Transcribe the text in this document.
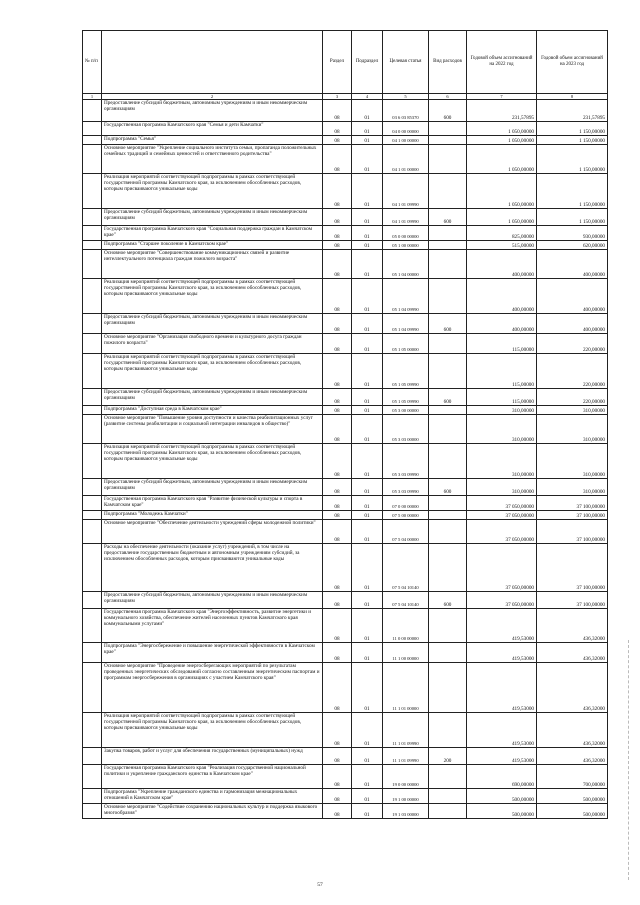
№ п/п		Раздел	Подраздел	Целевая статья	Вид расходов	Годовой объем ассигнований на 2022 год	Годовой объем ассигнований на 2023 год
1	2	3	4	5	6	7	8
	Предоставление субсидий бюджетным, автономным учреждениям и иным некоммерческим организациям	08	01	03 6 03 85370	600	231,57895	231,57895
	Государственная программа Камчатского края "Семья и дети Камчатки"	08	01	04 0 00 00000		1 050,00000	1 150,00000
	Подпрограмма "Семья"	08	01	04 1 00 00000		1 050,00000	1 150,00000
	Основное мероприятие "Укрепление социального института семьи, пропаганда положительных семейных традиций и семейных ценностей и ответственного родительства"	08	01	04 1 01 00000		1 050,00000	1 150,00000
	Реализация мероприятий соответствующей подпрограммы в рамках соответствующей государственной программы Камчатского края, за исключением обособленных расходов, которым присваиваются уникальные коды	08	01	04 1 01 09990		1 050,00000	1 150,00000
	Предоставление субсидий бюджетным, автономным учреждениям и иным некоммерческим организациям	08	01	04 1 01 09990	600	1 050,00000	1 150,00000
	Государственная программа Камчатского края "Социальная поддержка граждан в Камчатском крае"	08	01	05 0 00 00000		825,00000	930,00000
	Подпрограмма "Старшее поколение в Камчатском крае"	08	01	05 1 00 00000		515,00000	620,00000
	Основное мероприятие "Совершенствование коммуникационных связей и развитие интеллектуального потенциала граждан пожилого возраста"	08	01	05 1 04 00000		400,00000	400,00000
	Реализация мероприятий соответствующей подпрограммы в рамках соответствующей государственной программы Камчатского края, за исключением обособленных расходов, которым присваиваются уникальные коды	08	01	05 1 04 09990		400,00000	400,00000
	Предоставление субсидий бюджетным, автономным учреждениям и иным некоммерческим организациям	08	01	05 1 04 09990	600	400,00000	400,00000
	Основное мероприятие "Организация свободного времени и культурного досуга граждан пожилого возраста"	08	01	05 1 05 00000		115,00000	220,00000
	Реализация мероприятий соответствующей подпрограммы в рамках соответствующей государственной программы Камчатского края, за исключением обособленных расходов, которым присваиваются уникальные коды	08	01	05 1 05 09990		115,00000	220,00000
	Предоставление субсидий бюджетным, автономным учреждениям и иным некоммерческим организациям	08	01	05 1 05 09990	600	115,00000	220,00000
	Подпрограмма "Доступная среда в Камчатском крае"	08	01	05 3 00 00000		310,00000	310,00000
	Основное мероприятие "Повышение уровня доступности и качества реабилитационных услуг (развитие системы реабилитации и социальной интеграции инвалидов в общество)"	08	01	05 3 03 00000		310,00000	310,00000
	Реализация мероприятий соответствующей подпрограммы в рамках соответствующей государственной программы Камчатского края, за исключением обособленных расходов, которым присваиваются уникальные коды	08	01	05 3 03 09990		310,00000	310,00000
	Предоставление субсидий бюджетным, автономным учреждениям и иным некоммерческим организациям	08	01	05 3 03 09990	600	310,00000	310,00000
	Государственная программа Камчатского края "Развитие физической культуры и спорта в Камчатском крае"	08	01	07 0 00 00000		37 050,00000	37 100,00000
	Подпрограмма "Молодежь Камчатки"	08	01	07 5 00 00000		37 050,00000	37 100,00000
	Основное мероприятие "Обеспечение деятельности учреждений сферы молодежной политики"	08	01	07 5 04 00000		37 050,00000	37 100,00000
	Расходы на обеспечение деятельности (оказание услуг) учреждений, в том числе на предоставление государственным бюджетным и автономным учреждениям субсидий, за исключением обособленных расходов, которым присваиваются уникальные коды	08	01	07 5 04 10140		37 050,00000	37 100,00000
	Предоставление субсидий бюджетным, автономным учреждениям и иным некоммерческим организациям	08	01	07 5 04 10140	600	37 050,00000	37 100,00000
	Государственная программа Камчатского края "Энергоэффективность, развитие энергетики и коммунального хозяйства, обеспечение жителей населенных пунктов Камчатского края коммунальными услугами"	08	01	11 0 00 00000		419,53000	436,32000
	Подпрограмма "Энергосбережение и повышение энергетической эффективности в Камчатском крае"	08	01	11 1 00 00000		419,53000	436,32000
	Основное мероприятие "Проведение энергосберегающих мероприятий по результатам проведенных энергетических обследований согласно составленным энергетическим паспортам и программам энергосбережения в организациях с участием Камчатского края"	08	01	11 1 01 00000		419,53000	436,32000
	Реализация мероприятий соответствующей подпрограммы в рамках соответствующей государственной программы Камчатского края, за исключением обособленных расходов, которым присваиваются уникальные коды	08	01	11 1 01 09990		419,53000	436,32000
	Закупка товаров, работ и услуг для обеспечения государственных (муниципальных) нужд	08	01	11 1 01 09990	200	419,53000	436,32000
	Государственная программа Камчатского края "Реализация государственной национальной политики и укрепление гражданского единства в Камчатском крае"	08	01	19 0 00 00000		690,00000	700,00000
	Подпрограмма "Укрепление гражданского единства и гармонизация межнациональных отношений в Камчатском крае"	08	01	19 1 00 00000		500,00000	500,00000
	Основное мероприятие "Содействие сохранению национальных культур и поддержка языкового многообразия"	08	01	19 1 03 00000		500,00000	500,00000
57
